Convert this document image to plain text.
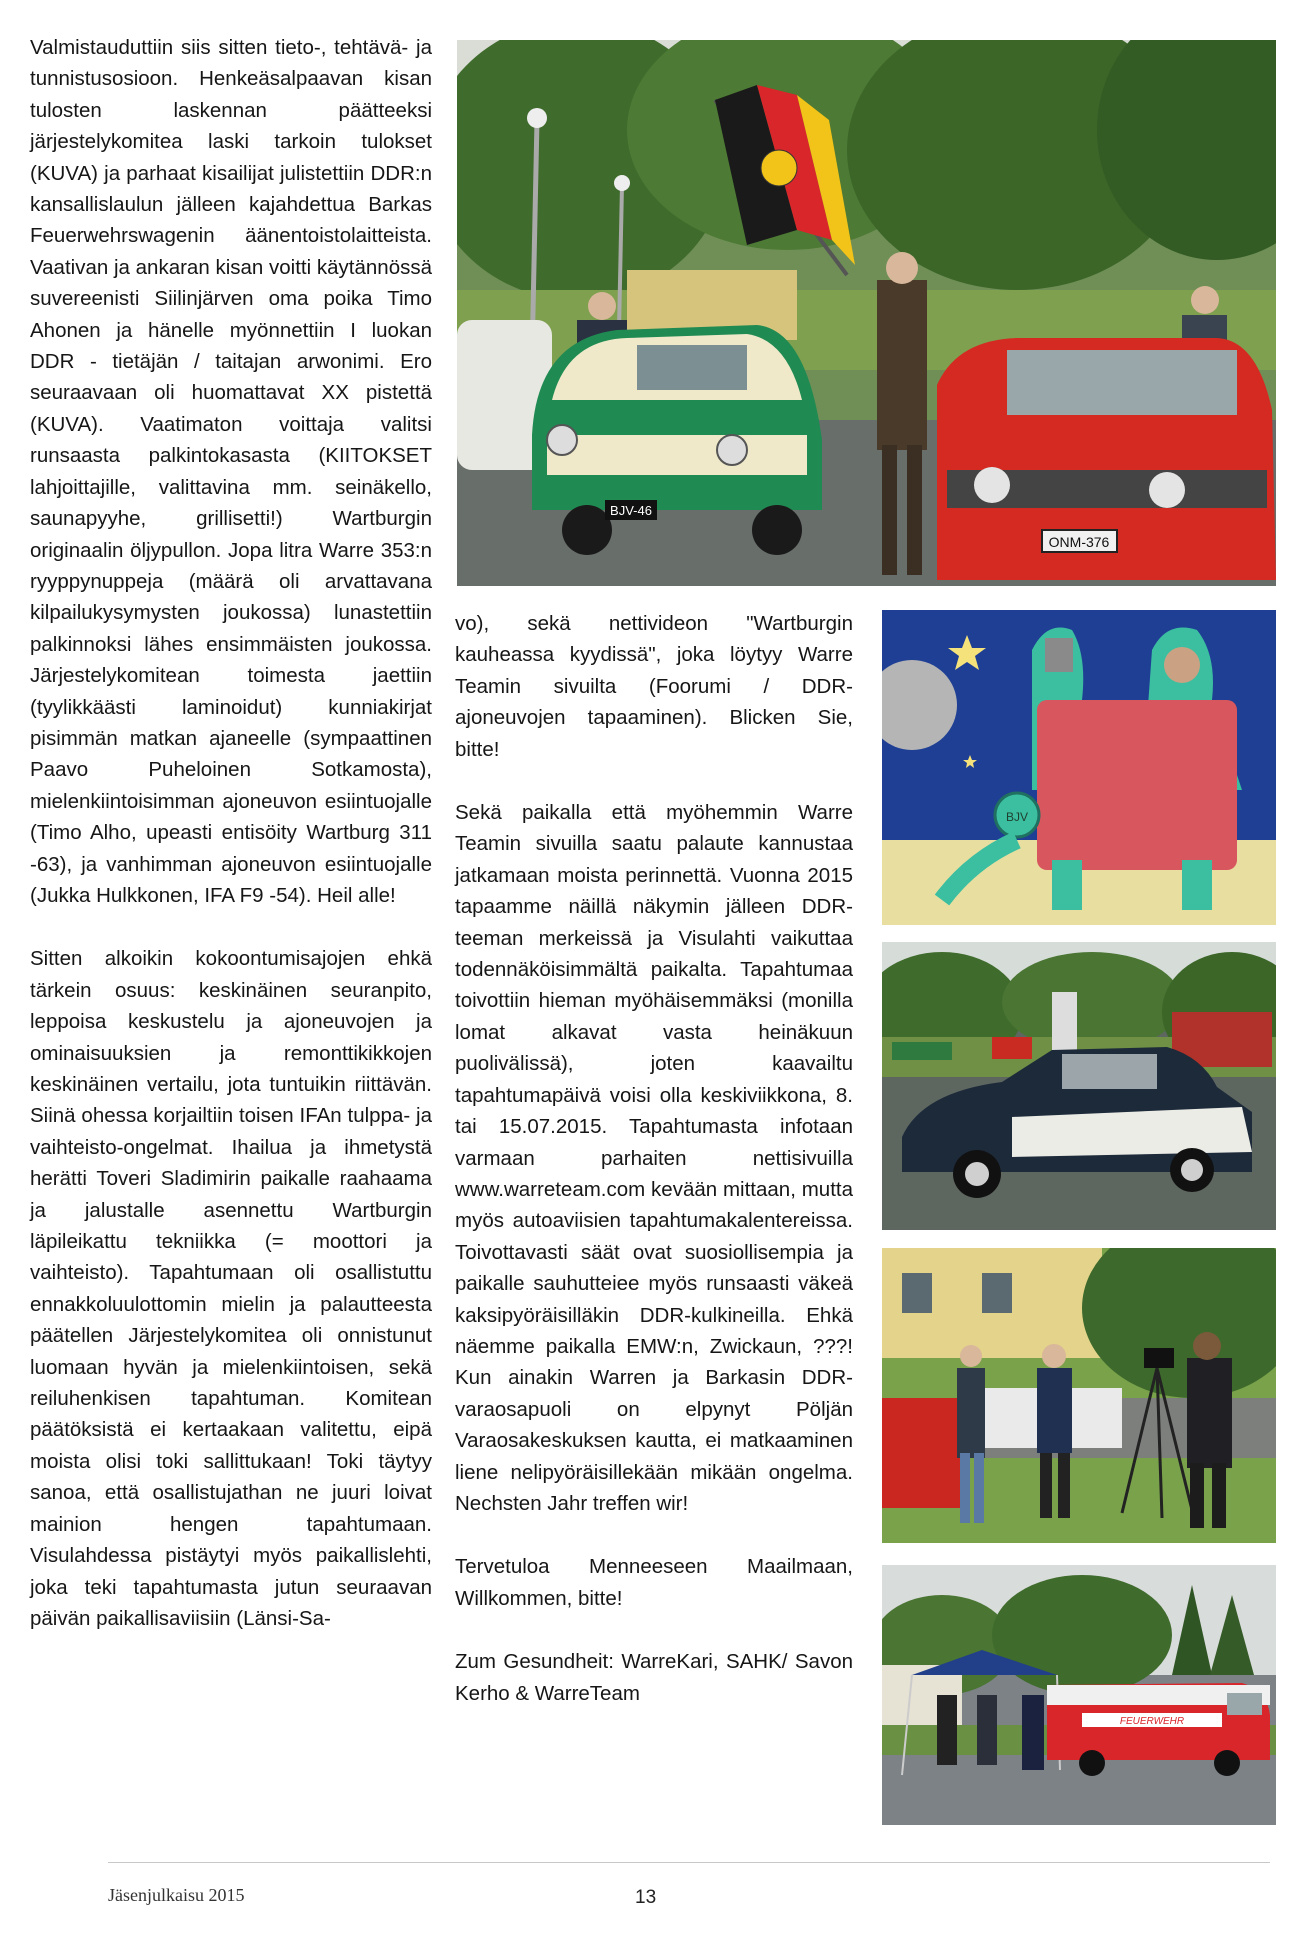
Valmistauduttiin siis sitten tieto-, tehtävä- ja tunnistusosioon. Henkeäsalpaavan kisan tulosten laskennan päätteeksi järjestelykomitea laski tarkoin tulokset (KUVA) ja parhaat kisailijat julistettiin DDR:n kansallislaulun jälleen kajahdettua Barkas Feuerwehrswagenin äänentoistolaitteista. Vaativan ja ankaran kisan voitti käytännössä suvereenisti Siilinjärven oma poika Timo Ahonen ja hänelle myönnettiin I luokan DDR - tietäjän / taitajan arwonimi. Ero seuraavaan oli huomattavat XX pistettä (KUVA). Vaatimaton voittaja valitsi runsaasta palkintokasasta (KIITOKSET lahjoittajille, valittavina mm. seinäkello, saunapyyhe, grillisetti!) Wartburgin originaalin öljypullon. Jopa litra Warre 353:n ryyppynuppeja (määrä oli arvattavana kilpailukysymysten joukossa) lunastettiin palkinnoksi lähes ensimmäisten joukossa. Järjestelykomitean toimesta jaettiin (tyylikkäästi laminoidut) kunniakirjat pisimmän matkan ajaneelle (sympaattinen Paavo Puheloinen Sotkamosta), mielenkiintoisimman ajoneuvon esiintuojalle (Timo Alho, upeasti entisöity Wartburg 311 -63), ja vanhimman ajoneuvon esiintuojalle (Jukka Hulkkonen, IFA F9 -54). Heil alle!

Sitten alkoikin kokoontumisajojen ehkä tärkein osuus: keskinäinen seuranpito, leppoisa keskustelu ja ajoneuvojen ja ominaisuuksien ja remonttikikkojen keskinäinen vertailu, jota tuntuikin riittävän. Siinä ohessa korjailtiin toisen IFAn tulppa- ja vaihteisto-ongelmat. Ihailua ja ihmetystä herätti Toveri Sladimirin paikalle raahaama ja jalustalle asennettu Wartburgin läpileikattu tekniikka (= moottori ja vaihteisto). Tapahtumaan oli osallistuttu ennakkoluulottomin mielin ja palautteesta päätellen Järjestelykomitea oli onnistunut luomaan hyvän ja mielenkiintoisen, sekä reiluhenkisen tapahtuman. Komitean päätöksistä ei kertaakaan valitettu, eipä moista olisi toki sallittukaan! Toki täytyy sanoa, että osallistujathan ne juuri loivat mainion hengen tapahtumaan. Visulahdessa pistäytyi myös paikallislehti, joka teki tapahtumasta jutun seuraavan päivän paikallisaviisiin (Länsi-Sa-

vo), sekä nettivideon "Wartburgin kauheassa kyydissä", joka löytyy Warre Teamin sivuilta (Foorumi / DDR-ajoneuvojen tapaaminen). Blicken Sie, bitte!

Sekä paikalla että myöhemmin Warre Teamin sivuilla saatu palaute kannustaa jatkamaan moista perinnettä. Vuonna 2015 tapaamme näillä näkymin jälleen DDR-teeman merkeissä ja Visulahti vaikuttaa todennäköisimmältä paikalta. Tapahtumaa toivottiin hieman myöhäisemmäksi (monilla lomat alkavat vasta heinäkuun puolivälissä), joten kaavailtu tapahtumapäivä voisi olla keskiviikkona, 8. tai 15.07.2015. Tapahtumasta infotaan varmaan parhaiten nettisivuilla www.warreteam.com kevään mittaan, mutta myös autoaviisien tapahtumakalentereissa. Toivottavasti säät ovat suosiollisempia ja paikalle sauhutteiee myös runsaasti väkeä kaksipyöräisilläkin DDR-kulkineilla. Ehkä näemme paikalla EMW:n, Zwickaun, ???! Kun ainakin Warren ja Barkasin DDR-varaosapuoli on elpynyt Pöljän Varaosakeskuksen kautta, ei matkaaminen liene nelipyöräisillekään mikään ongelma. Nechsten Jahr treffen wir!

Tervetuloa Menneeseen Maailmaan, Willkommen, bitte!

Zum Gesundheit: WarreKari, SAHK/ Savon Kerho & WarreTeam

BJV-46
ONM-376
BJV
FEUERWEHR
Jäsenjulkaisu 2015	13
